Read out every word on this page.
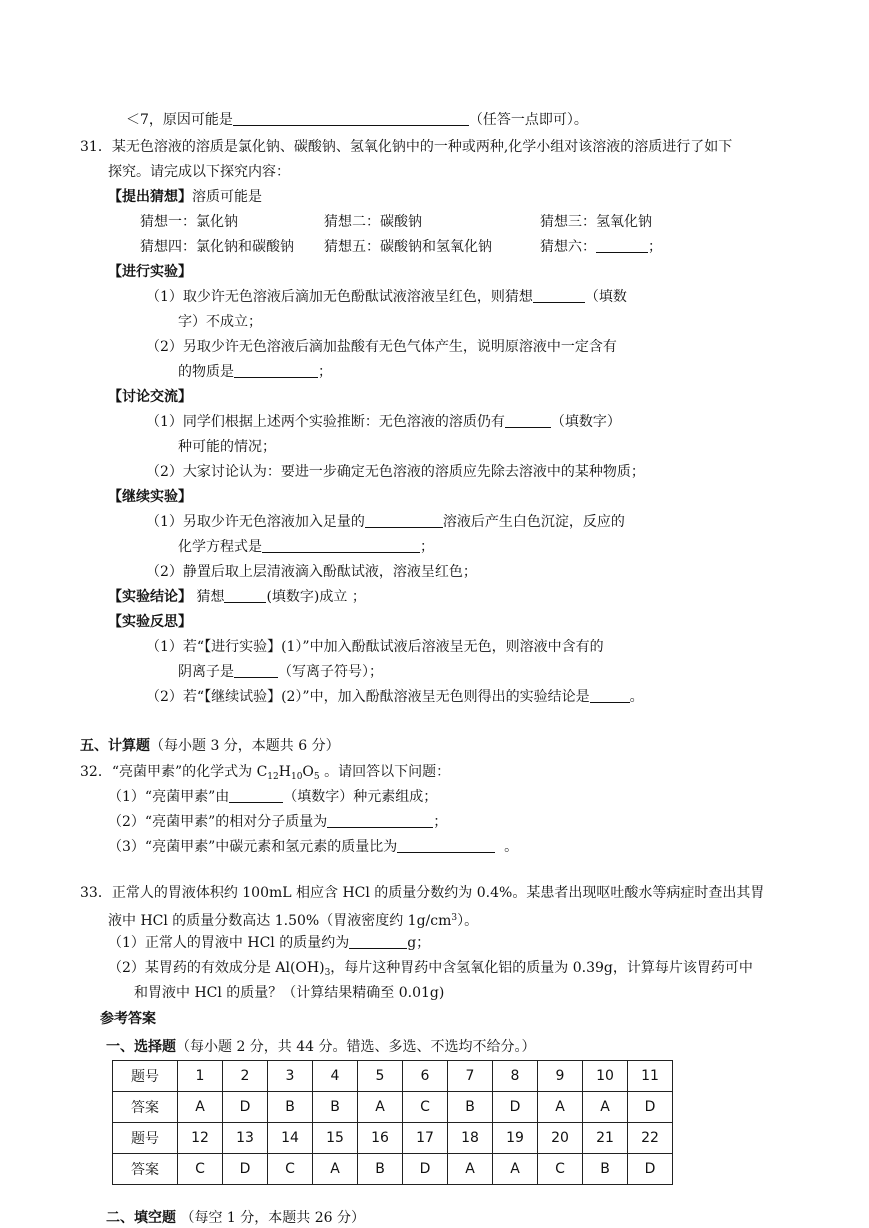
＜7，原因可能是	（任答一点即可）。
31．某无色溶液的溶质是氯化钠、碳酸钠、氢氧化钠中的一种或两种,化学小组对该溶液的溶质进行了如下
探究。请完成以下探究内容：
【提出猜想】溶质可能是
猜想一：氯化钠	猜想二：碳酸钠	猜想三：氢氧化钠
猜想四：氯化钠和碳酸钠 猜想五：碳酸钠和氢氧化钠	猜想六：	；
【进行实验】
（1）取少许无色溶液后滴加无色酚酞试液溶液呈红色，则猜想	（填数
字）不成立；
（2）另取少许无色溶液后滴加盐酸有无色气体产生，说明原溶液中一定含有
的物质是	；
【讨论交流】
（1）同学们根据上述两个实验推断：无色溶液的溶质仍有	（填数字）
种可能的情况；
（2）大家讨论认为：要进一步确定无色溶液的溶质应先除去溶液中的某种物质；
【继续实验】
（1）另取少许无色溶液加入足量的	溶液后产生白色沉淀，反应的
化学方程式是	；
（2）静置后取上层清液滴入酚酞试液，溶液呈红色；
【实验结论】 猜想	(填数字)成立 ；
【实验反思】
（1）若“【进行实验】(1）”中加入酚酞试液后溶液呈无色，则溶液中含有的
阴离子是	（写离子符号）；
（2）若“【继续试验】(2）”中，加入酚酞溶液呈无色则得出的实验结论是	。
五、计算题（每小题 3 分，本题共 6 分）
32．“亮菌甲素”的化学式为 $C_{12}H_{10}O_5$ 。请回答以下问题：
（1）“亮菌甲素”由	（填数字）种元素组成；
（2）“亮菌甲素”的相对分子质量为	；
（3）“亮菌甲素”中碳元素和氢元素的质量比为	。
33．正常人的胃液体积约 100mL 相应含 HCl 的质量分数约为 0.4%。某患者出现呕吐酸水等病症时查出其胃
液中 HCl 的质量分数高达 1.50%（胃液密度约 $1g/cm^3$）。
（1）正常人的胃液中 HCl 的质量约为	g；
（2）某胃药的有效成分是 $Al(OH)_3$，每片这种胃药中含氢氧化铝的质量为 0.39g，计算每片该胃药可中
和胃液中 HCl 的质量？（计算结果精确至 0.01g)
参考答案
一、选择题（每小题 2 分，共 44 分。错选、多选、不选均不给分。）
题号	1	2	3	4	5	6	7	8	9	10	11
答案	A	D	B	B	A	C	B	D	A	A	D
题号	12	13	14	15	16	17	18	19	20	21	22
答案	C	D	C	A	B	D	A	A	C	B	D
二、填空题 （每空 1 分，本题共 26 分）
